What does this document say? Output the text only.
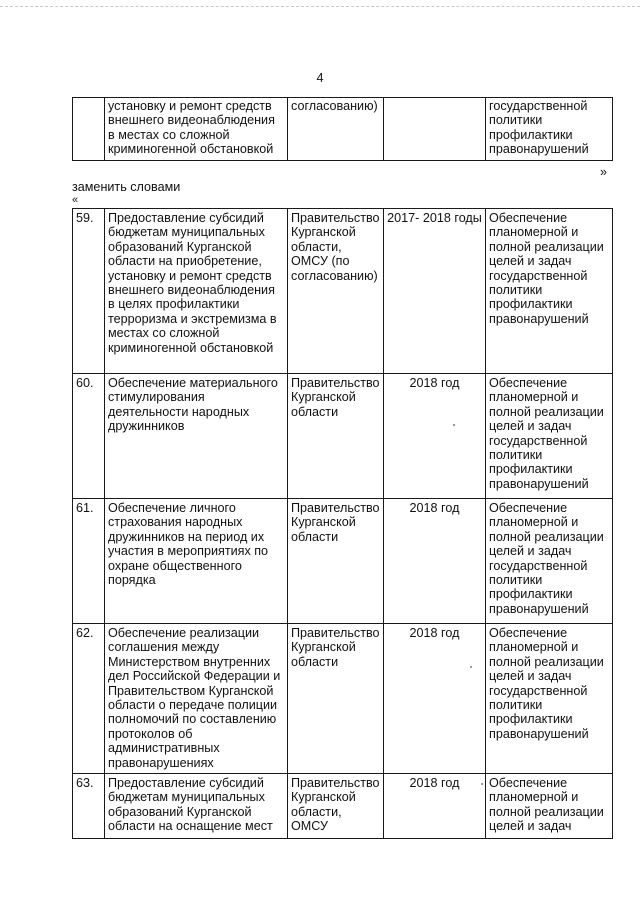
4
	установку и ремонт средств внешнего видеонаблюдения в местах со сложной криминогенной обстановкой	согласованию)		государственной политики профилактики правонарушений
»
заменить словами
«
59.	Предоставление субсидий бюджетам муниципальных образований Курганской области на приобретение, установку и ремонт средств внешнего видеонаблюдения в целях профилактики терроризма и экстремизма в местах со сложной криминогенной обстановкой	Правительство Курганской области, ОМСУ (по согласованию)	2017- 2018 годы	Обеспечение планомерной и полной реализации целей и задач государственной политики профилактики правонарушений
60.	Обеспечение материального стимулирования деятельности народных дружинников	Правительство Курганской области	2018 год	Обеспечение планомерной и полной реализации целей и задач государственной политики профилактики правонарушений
61.	Обеспечение личного страхования народных дружинников на период их участия в мероприятиях по охране общественного порядка	Правительство Курганской области	2018 год	Обеспечение планомерной и полной реализации целей и задач государственной политики профилактики правонарушений
62.	Обеспечение реализации соглашения между Министерством внутренних дел Российской Федерации и Правительством Курганской области о передаче полиции полномочий по составлению протоколов об административных правонарушениях	Правительство Курганской области	2018 год	Обеспечение планомерной и полной реализации целей и задач государственной политики профилактики правонарушений
63.	Предоставление субсидий бюджетам муниципальных образований Курганской области на оснащение мест	Правительство Курганской области, ОМСУ	2018 год	Обеспечение планомерной и полной реализации целей и задач
